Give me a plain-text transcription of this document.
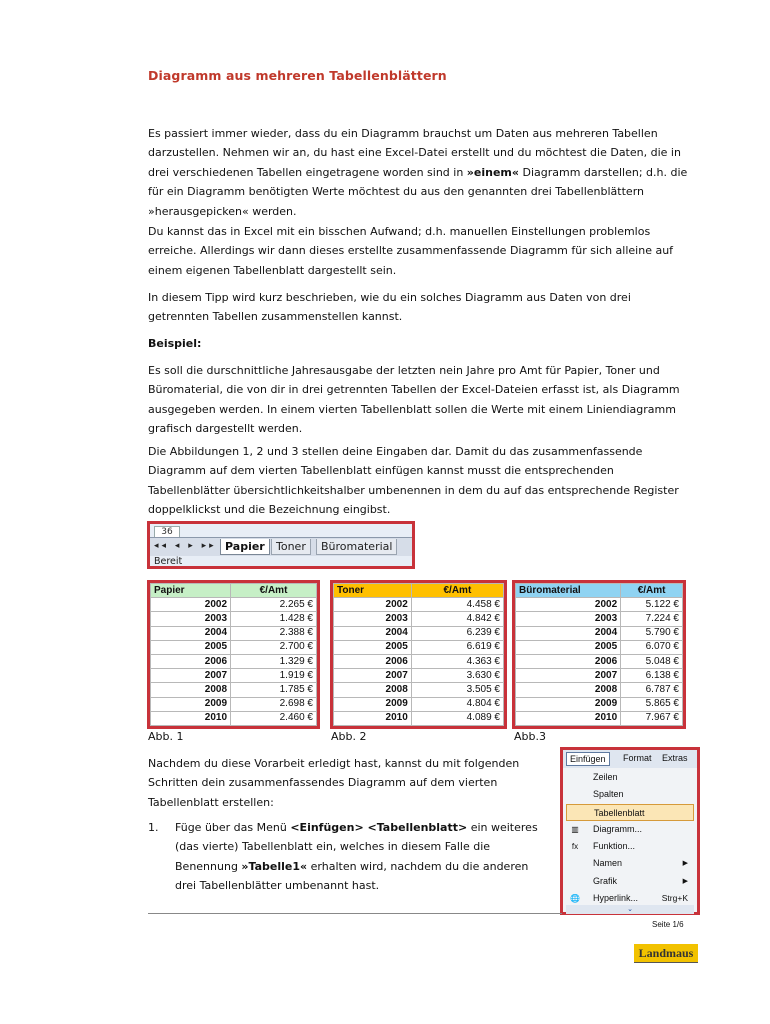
Diagramm aus mehreren Tabellenblättern

Es passiert immer wieder, dass du ein Diagramm brauchst um Daten aus mehreren Tabellen darzustellen. Nehmen wir an, du hast eine Excel-Datei erstellt und du möchtest die Daten, die in drei verschiedenen Tabellen eingetragene worden sind in »einem« Diagramm darstellen; d.h. die für ein Diagramm benötigten Werte möchtest du aus den genannten drei Tabellenblättern »herausgepicken« werden.

Du kannst das in Excel mit ein bisschen Aufwand; d.h. manuellen Einstellungen problemlos erreiche. Allerdings wir dann dieses erstellte zusammenfassende Diagramm für sich alleine auf einem eigenen Tabellenblatt dargestellt sein.

In diesem Tipp wird kurz beschrieben, wie du ein solches Diagramm aus Daten von drei getrennten Tabellen zusammenstellen kannst.

Beispiel:

Es soll die durschnittliche Jahresausgabe der letzten nein Jahre pro Amt für Papier, Toner und Büromaterial, die von dir in drei getrennten Tabellen der Excel-Dateien erfasst ist, als Diagramm ausgegeben werden. In einem vierten Tabellenblatt sollen die Werte mit einem Liniendiagramm grafisch dargestellt werden.

Die Abbildungen 1, 2 und 3 stellen deine Eingaben dar. Damit du das zusammenfassende Diagramm auf dem vierten Tabellenblatt einfügen kannst musst die entsprechenden Tabellenblätter übersichtlichkeitshalber umbenennen in dem du auf das entsprechende Register doppelklickst und die Bezeichnung eingibst.

36
◂◂ ◂ ▸ ▸▸ Papier	Toner	Büromaterial
Bereit
Papier	€/Amt
2002	2.265 €
2003	1.428 €
2004	2.388 €
2005	2.700 €
2006	1.329 €
2007	1.919 €
2008	1.785 €
2009	2.698 €
2010	2.460 €
Toner	€/Amt
2002	4.458 €
2003	4.842 €
2004	6.239 €
2005	6.619 €
2006	4.363 €
2007	3.630 €
2008	3.505 €
2009	4.804 €
2010	4.089 €
Büromaterial	€/Amt
2002	5.122 €
2003	7.224 €
2004	5.790 €
2005	6.070 €
2006	5.048 €
2007	6.138 €
2008	6.787 €
2009	5.865 €
2010	7.967 €
Abb. 1	Abb. 2	Abb.3

Nachdem du diese Vorarbeit erledigt hast, kannst du mit folgenden Schritten dein zusammenfassendes Diagramm auf dem vierten Tabellenblatt erstellen:

1.	Füge über das Menü <Einfügen> <Tabellenblatt> ein weiteres (das vierte) Tabellenblatt ein, welches in diesem Falle die Benennung »Tabelle1« erhalten wird, nachdem du die anderen drei Tabellenblätter umbenannt hast.

Einfügen	Format	Extras
Zeilen
Spalten
Tabellenblatt
▥ Diagramm...
fx	Funktion...
Namen	▶
Grafik	▶
🌐 Hyperlink...	Strg+K
⌄
Seite 1/6
Landmaus
